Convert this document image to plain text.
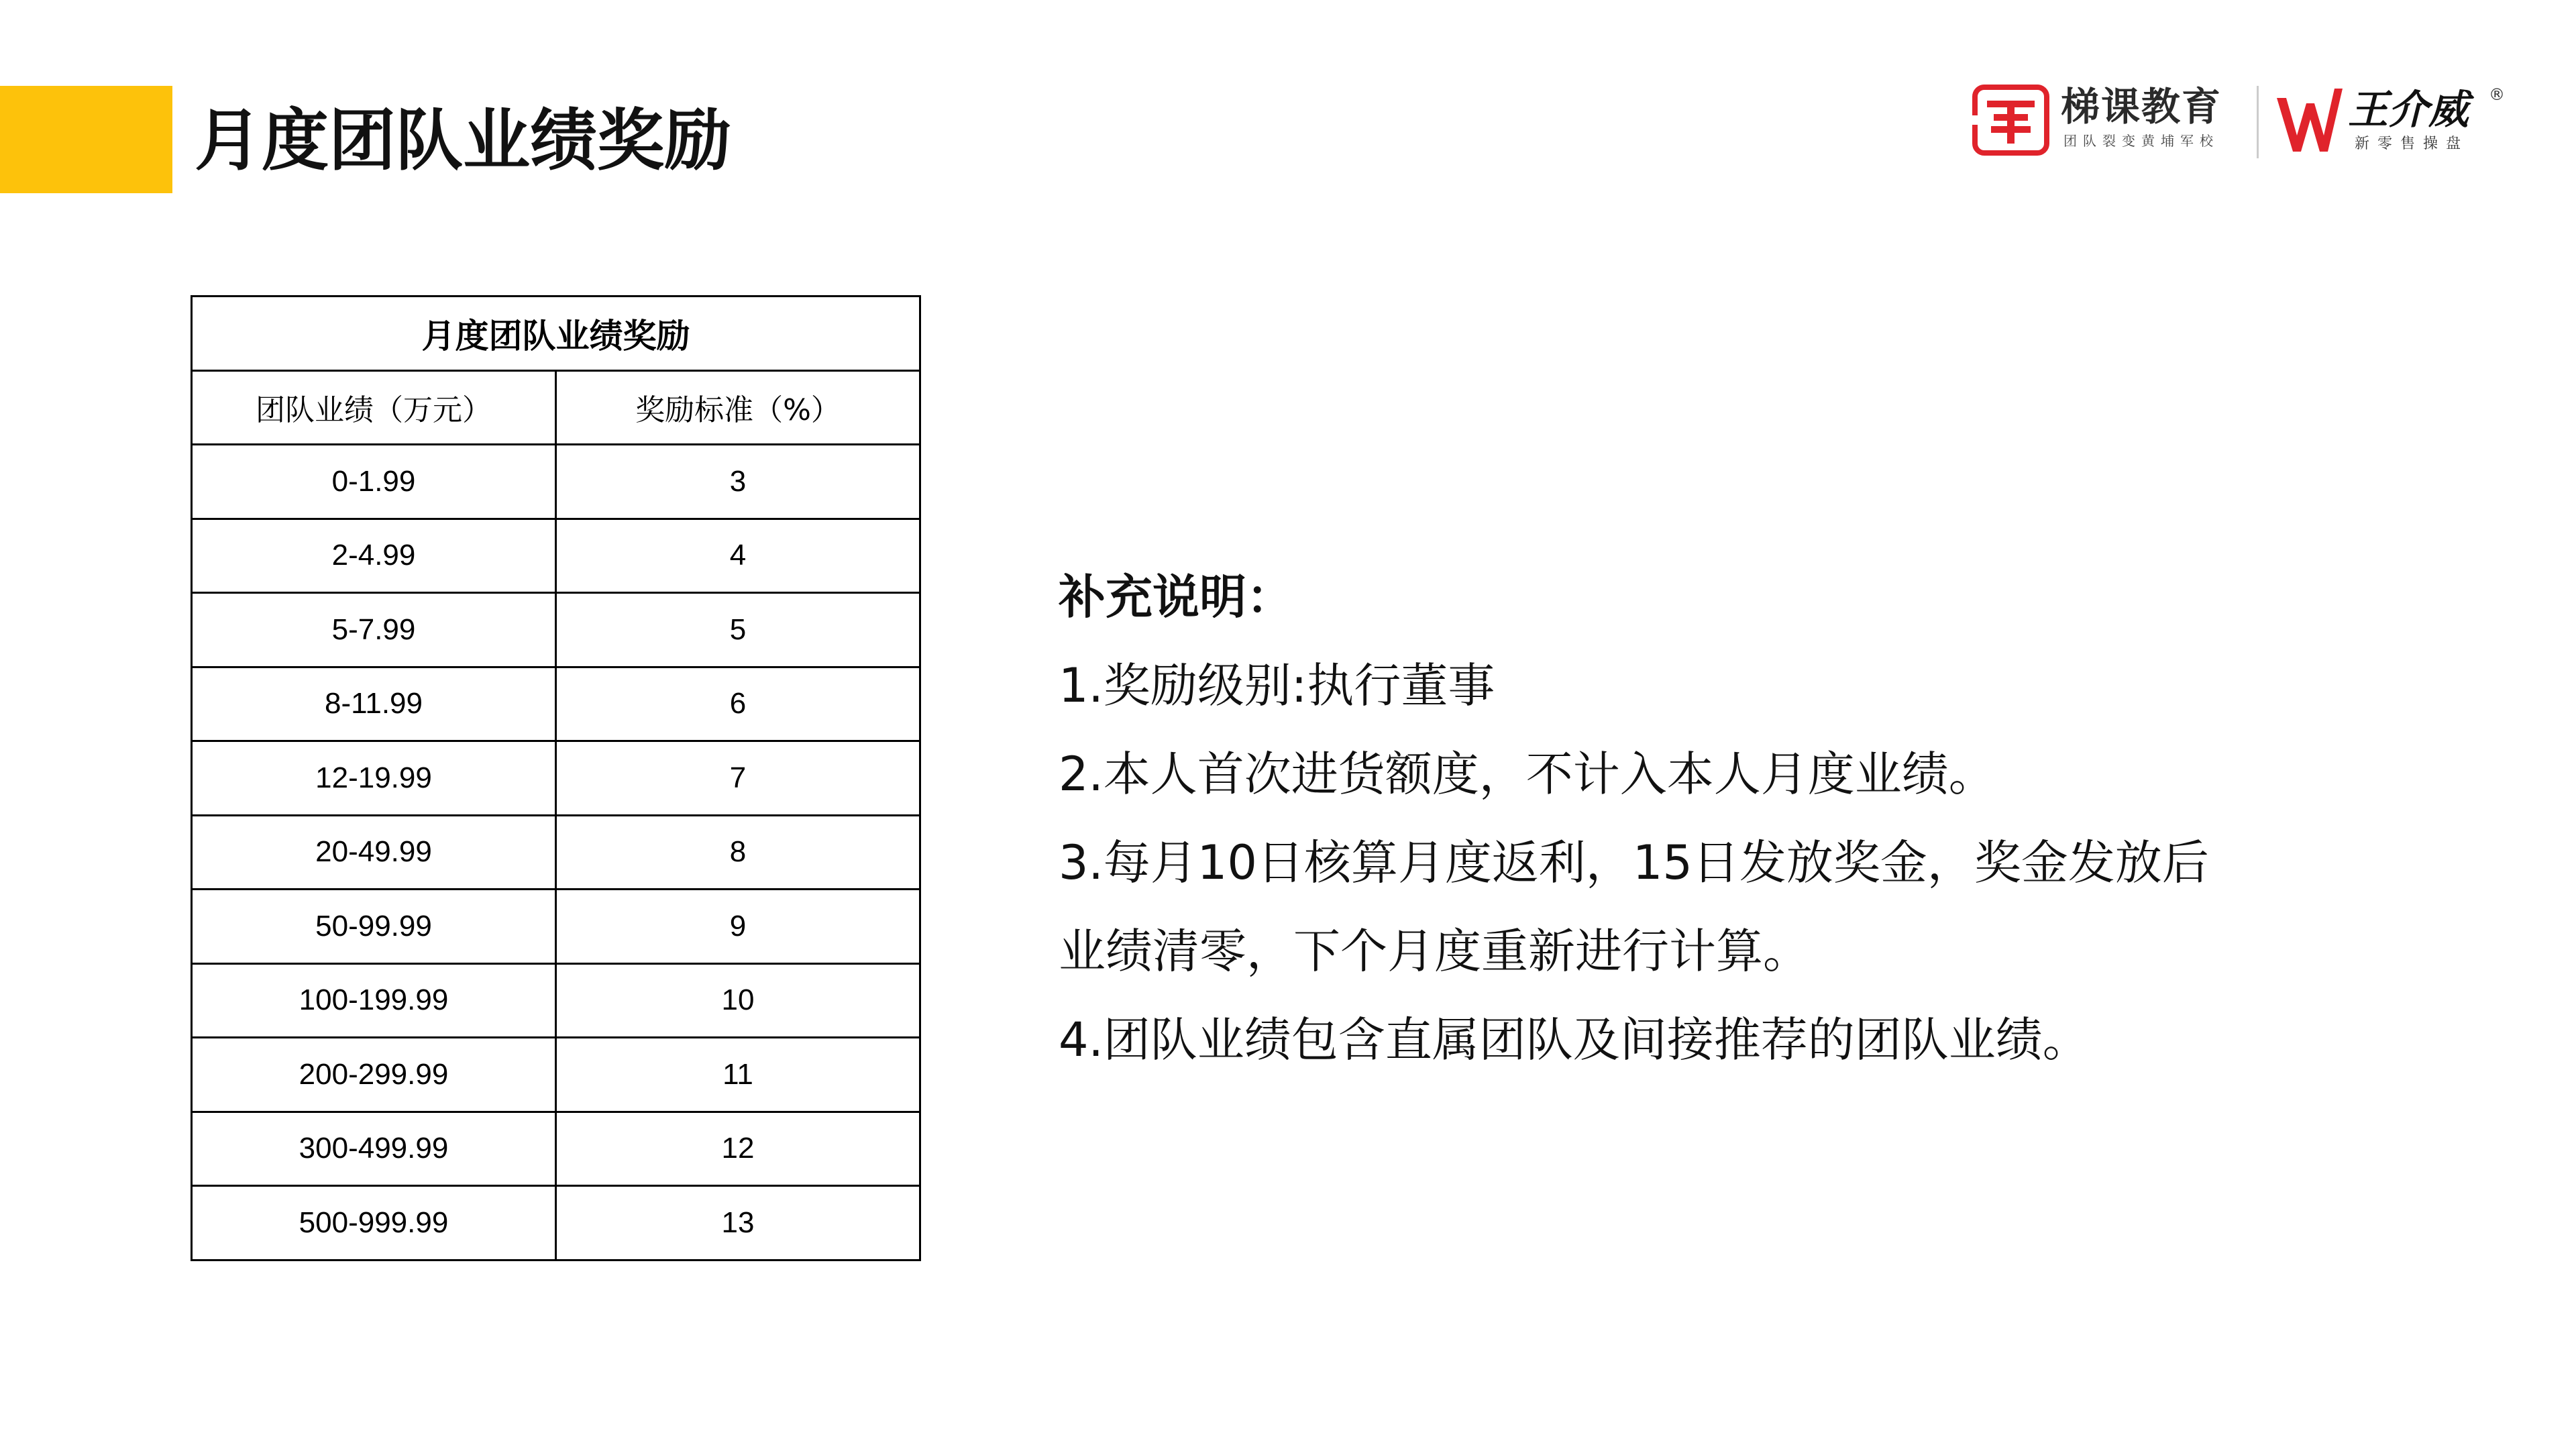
月度团队业绩奖励	梯课教育
团队裂变黄埔军校
王介威 ®
新零售操盘
月度团队业绩奖励	
团队业绩（万元）	奖励标准（%）
0-1.99	3
2-4.99	4
5-7.99	5
8-11.99	6
12-19.99	7
20-49.99	8
50-99.99	9
100-199.99	10
200-299.99	11
300-499.99	12
500-999.99	13
补充说明：
1.奖励级别:执行董事
2.本人首次进货额度，不计入本人月度业绩。
3.每月10日核算月度返利，15日发放奖金，奖金发放后
业绩清零，下个月度重新进行计算。
4.团队业绩包含直属团队及间接推荐的团队业绩。
